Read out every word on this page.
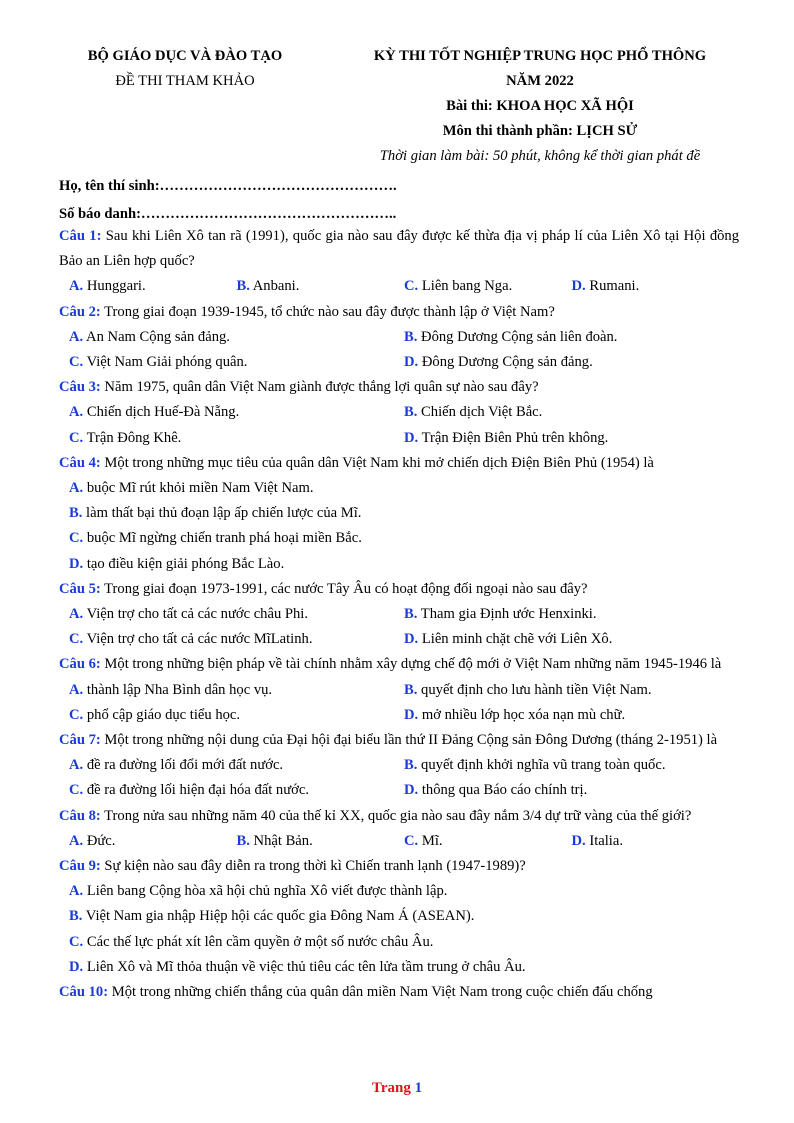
BỘ GIÁO DỤC VÀ ĐÀO TẠO
ĐỀ THI THAM KHẢO
KỲ THI TỐT NGHIỆP TRUNG HỌC PHỔ THÔNG
NĂM 2022
Bài thi: KHOA HỌC XÃ HỘI
Môn thi thành phần: LỊCH SỬ
Thời gian làm bài: 50 phút, không kể thời gian phát đề
Họ, tên thí sinh:………………………………………….
Số báo danh:……………………………………………..
Câu 1: Sau khi Liên Xô tan rã (1991), quốc gia nào sau đây được kế thừa địa vị pháp lí của Liên Xô tại Hội đồng Bảo an Liên hợp quốc?
A. Hunggari.	B. Anbani.	C. Liên bang Nga.	D. Rumani.
Câu 2: Trong giai đoạn 1939-1945, tổ chức nào sau đây được thành lập ở Việt Nam?
A. An Nam Cộng sản đảng.	B. Đông Dương Cộng sản liên đoàn.
C. Việt Nam Giải phóng quân.	D. Đông Dương Cộng sản đảng.
Câu 3: Năm 1975, quân dân Việt Nam giành được thắng lợi quân sự nào sau đây?
A. Chiến dịch Huế-Đà Nẵng.	B. Chiến dịch Việt Bắc.
C. Trận Đông Khê.	D. Trận Điện Biên Phủ trên không.
Câu 4: Một trong những mục tiêu của quân dân Việt Nam khi mở chiến dịch Điện Biên Phủ (1954) là
A. buộc Mĩ rút khỏi miền Nam Việt Nam.
B. làm thất bại thủ đoạn lập ấp chiến lược của Mĩ.
C. buộc Mĩ ngừng chiến tranh phá hoại miền Bắc.
D. tạo điều kiện giải phóng Bắc Lào.
Câu 5: Trong giai đoạn 1973-1991, các nước Tây Âu có hoạt động đối ngoại nào sau đây?
A. Viện trợ cho tất cả các nước châu Phi.	B. Tham gia Định ước Henxinki.
C. Viện trợ cho tất cả các nước MĩLatinh.	D. Liên minh chặt chẽ với Liên Xô.
Câu 6: Một trong những biện pháp về tài chính nhằm xây dựng chế độ mới ở Việt Nam những năm 1945-1946 là
A. thành lập Nha Bình dân học vụ.	B. quyết định cho lưu hành tiền Việt Nam.
C. phổ cập giáo dục tiểu học.	D. mở nhiều lớp học xóa nạn mù chữ.
Câu 7: Một trong những nội dung của Đại hội đại biểu lần thứ II Đảng Cộng sản Đông Dương (tháng 2-1951) là
A. đề ra đường lối đổi mới đất nước.	B. quyết định khởi nghĩa vũ trang toàn quốc.
C. đề ra đường lối hiện đại hóa đất nước.	D. thông qua Báo cáo chính trị.
Câu 8: Trong nửa sau những năm 40 của thế kỉ XX, quốc gia nào sau đây nắm 3/4 dự trữ vàng của thế giới?
A. Đức.	B. Nhật Bản.	C. Mĩ.	D. Italia.
Câu 9: Sự kiện nào sau đây diễn ra trong thời kì Chiến tranh lạnh (1947-1989)?
A. Liên bang Cộng hòa xã hội chủ nghĩa Xô viết được thành lập.
B. Việt Nam gia nhập Hiệp hội các quốc gia Đông Nam Á (ASEAN).
C. Các thế lực phát xít lên cầm quyền ở một số nước châu Âu.
D. Liên Xô và Mĩ thỏa thuận về việc thủ tiêu các tên lửa tầm trung ở châu Âu.
Câu 10: Một trong những chiến thắng của quân dân miền Nam Việt Nam trong cuộc chiến đấu chống
Trang 1
